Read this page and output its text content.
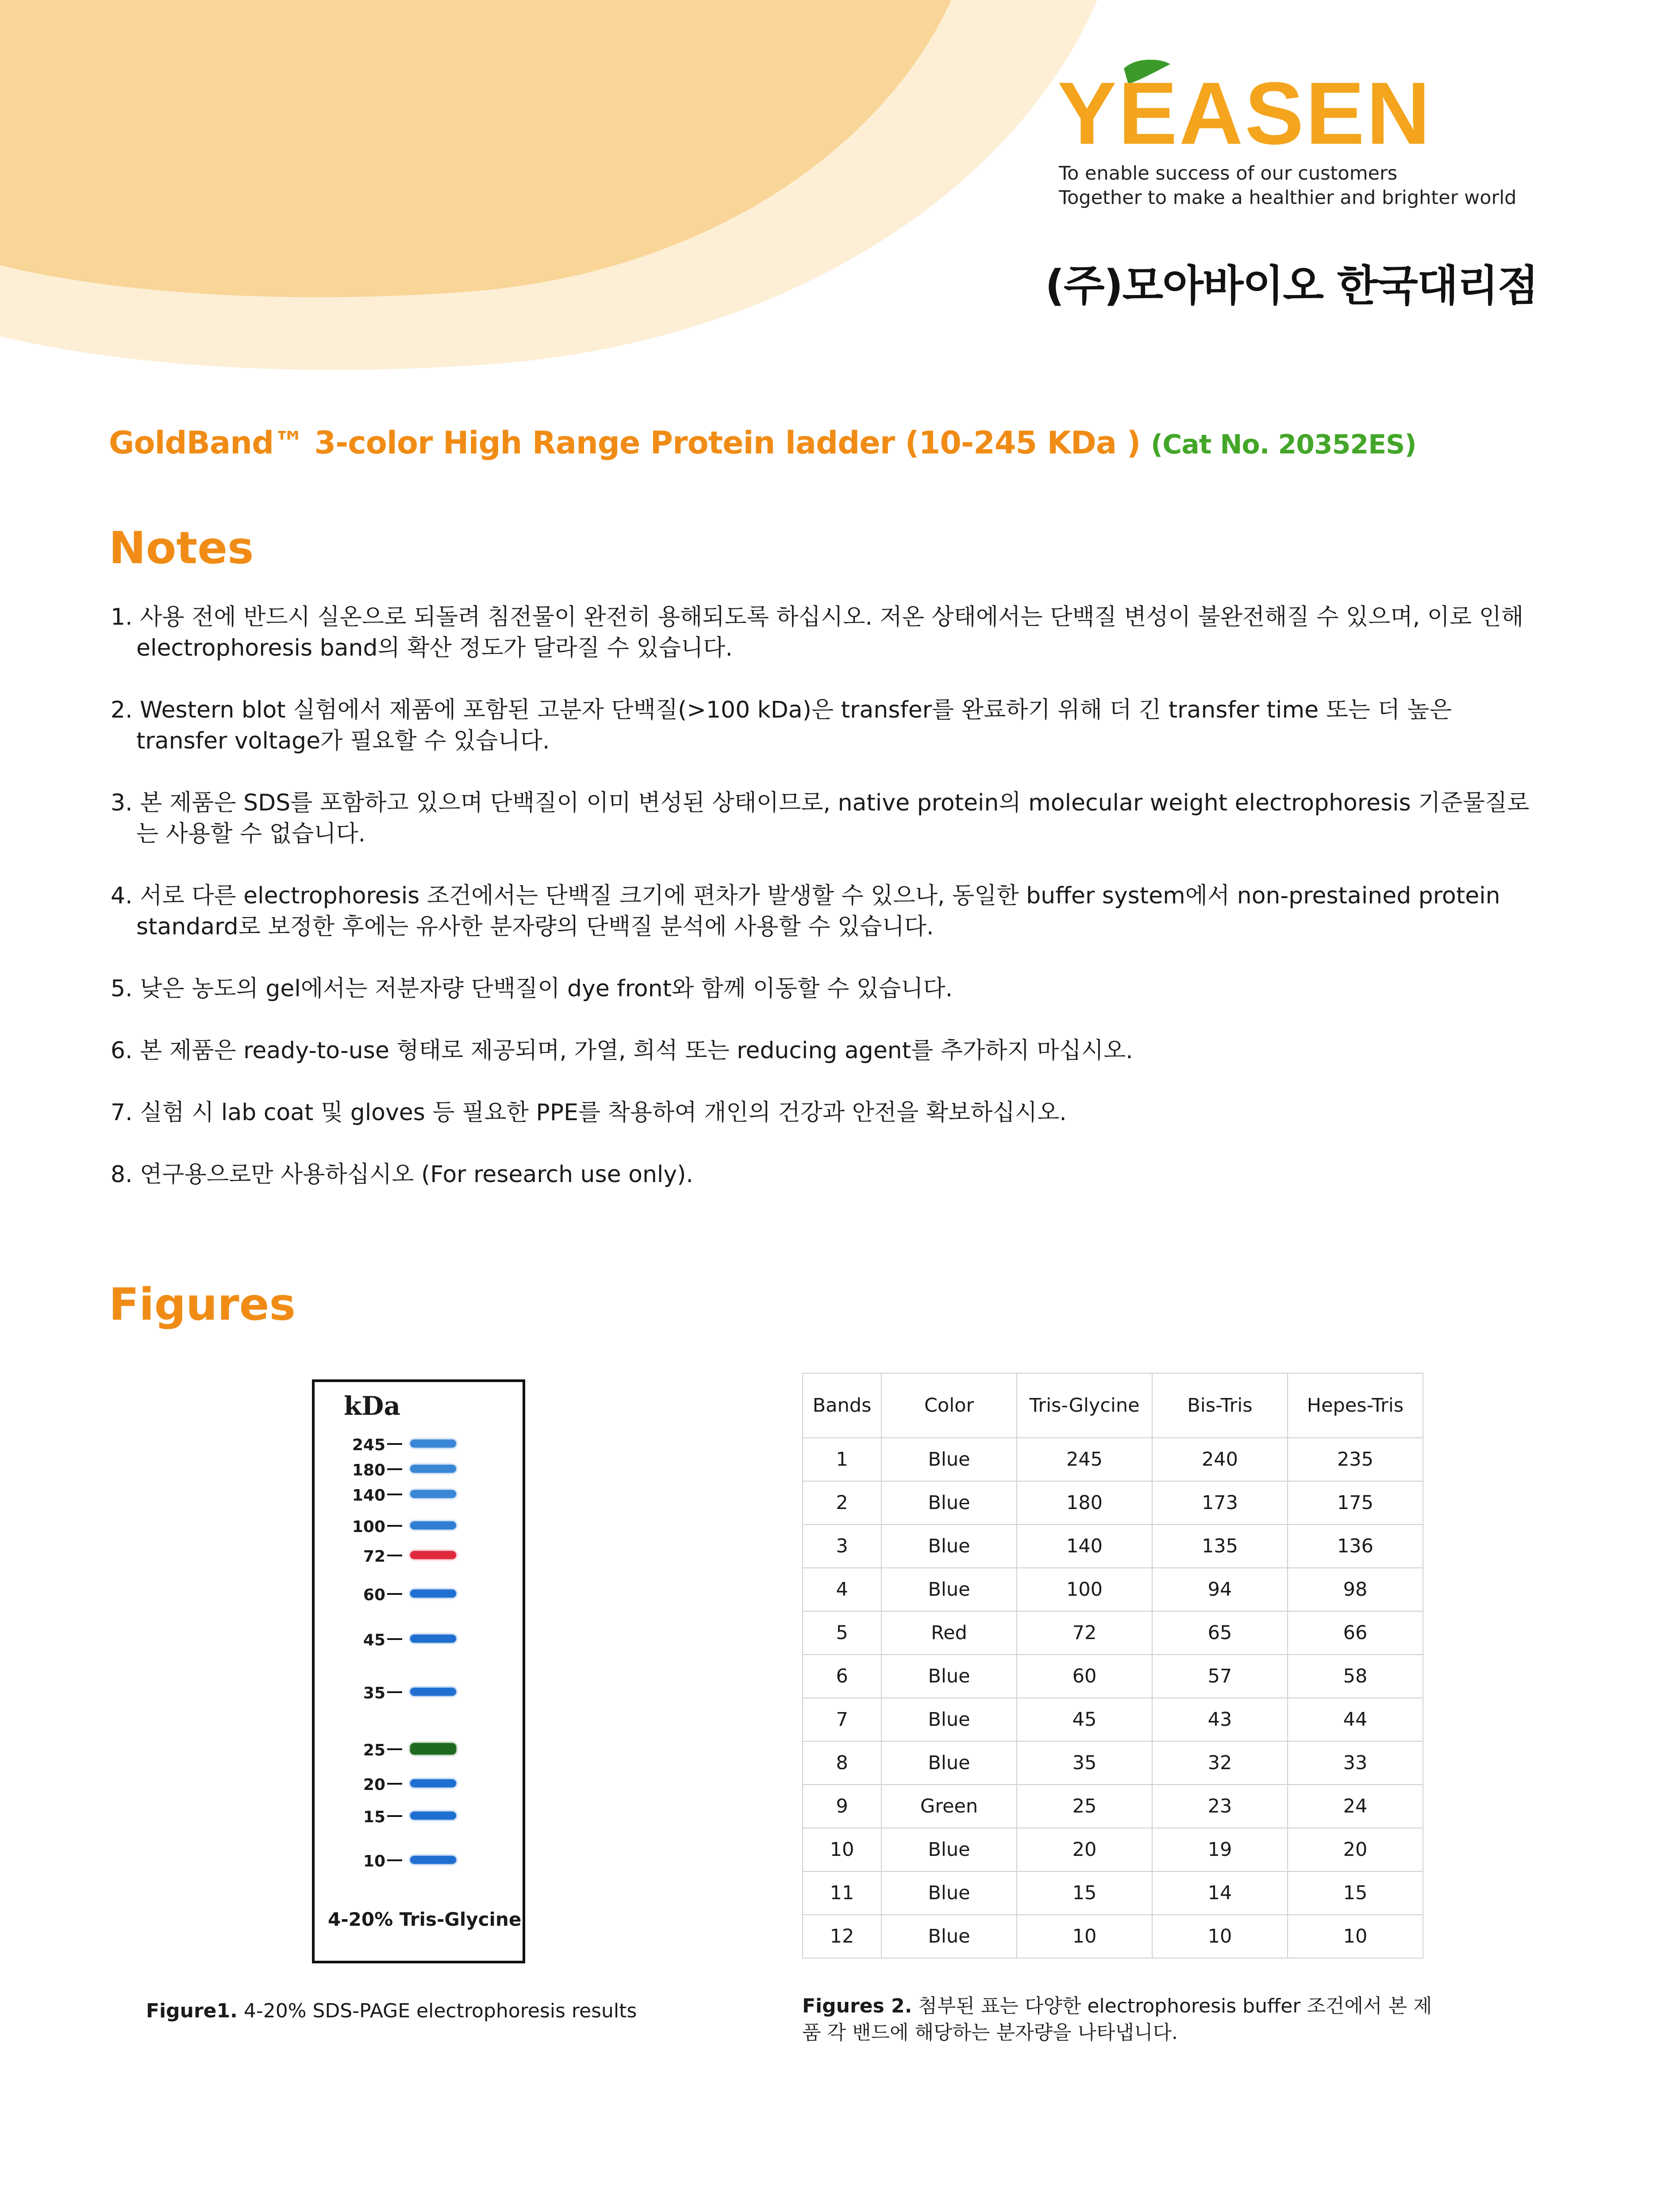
YEASEN
To enable success of our customers
Together to make a healthier and brighter world
(주)모아바이오 한국대리점
GoldBand™ 3-color High Range Protein ladder (10-245 KDa ) (Cat No. 20352ES)
Notes
1. 사용 전에 반드시 실온으로 되돌려 침전물이 완전히 용해되도록 하십시오. 저온 상태에서는 단백질 변성이 불완전해질 수 있으며, 이로 인해 electrophoresis band의 확산 정도가 달라질 수 있습니다.
2. Western blot 실험에서 제품에 포함된 고분자 단백질(>100 kDa)은 transfer를 완료하기 위해 더 긴 transfer time 또는 더 높은 transfer voltage가 필요할 수 있습니다.
3. 본 제품은 SDS를 포함하고 있으며 단백질이 이미 변성된 상태이므로, native protein의 molecular weight electrophoresis 기준물질로는 사용할 수 없습니다.
4. 서로 다른 electrophoresis 조건에서는 단백질 크기에 편차가 발생할 수 있으나, 동일한 buffer system에서 non-prestained protein standard로 보정한 후에는 유사한 분자량의 단백질 분석에 사용할 수 있습니다.
5. 낮은 농도의 gel에서는 저분자량 단백질이 dye front와 함께 이동할 수 있습니다.
6. 본 제품은 ready-to-use 형태로 제공되며, 가열, 희석 또는 reducing agent를 추가하지 마십시오.
7. 실험 시 lab coat 및 gloves 등 필요한 PPE를 착용하여 개인의 건강과 안전을 확보하십시오.
8. 연구용으로만 사용하십시오 (For research use only).
Figures
kDa
4-20% Tris-Glycine
245
180
140
100
72
60
45
35
25
20
15
10
Figure1. 4-20% SDS-PAGE electrophoresis results
Bands	Color	Tris-Glycine	Bis-Tris	Hepes-Tris
1	Blue	245	240	235
2	Blue	180	173	175
3	Blue	140	135	136
4	Blue	100	94	98
5	Red	72	65	66
6	Blue	60	57	58
7	Blue	45	43	44
8	Blue	35	32	33
9	Green	25	23	24
10	Blue	20	19	20
11	Blue	15	14	15
12	Blue	10	10	10
Figures 2. 첨부된 표는 다양한 electrophoresis buffer 조건에서 본 제품 각 밴드에 해당하는 분자량을 나타냅니다.
